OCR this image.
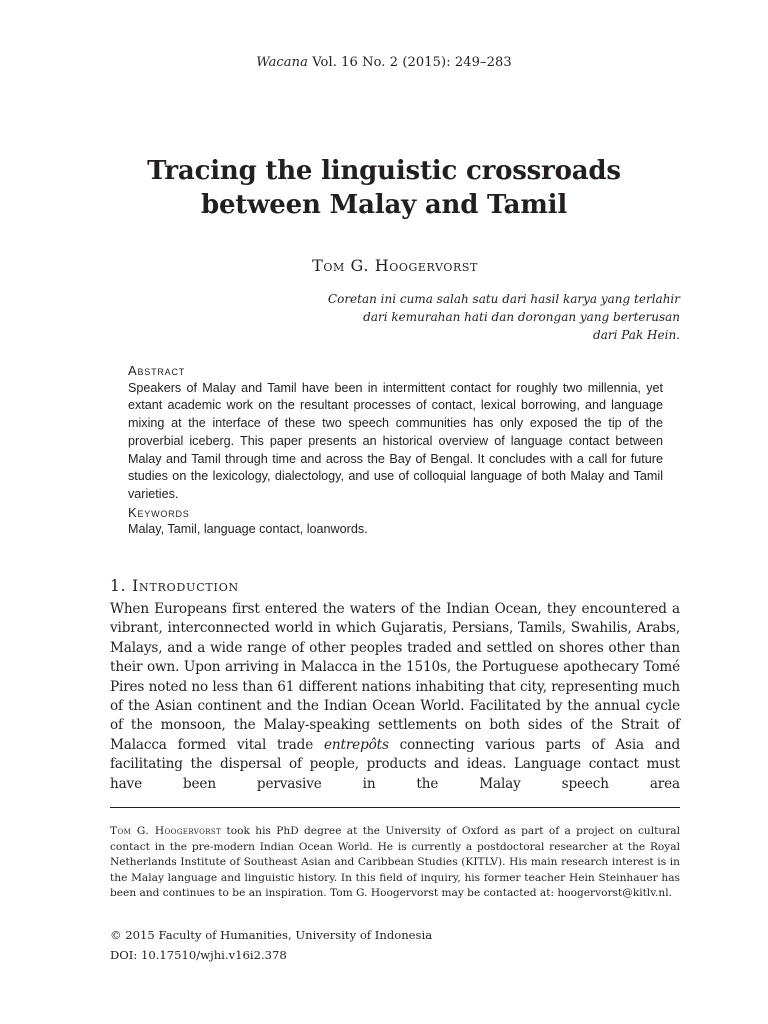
Wacana Vol. 16 No. 2 (2015): 249–283
Tracing the linguistic crossroads
between Malay and Tamil
Tom G. Hoogervorst
Coretan ini cuma salah satu dari hasil karya yang terlahir
dari kemurahan hati dan dorongan yang berterusan
dari Pak Hein.
Abstract

Speakers of Malay and Tamil have been in intermittent contact for roughly two millennia, yet extant academic work on the resultant processes of contact, lexical borrowing, and language mixing at the interface of these two speech communities has only exposed the tip of the proverbial iceberg. This paper presents an historical overview of language contact between Malay and Tamil through time and across the Bay of Bengal. It concludes with a call for future studies on the lexicology, dialectology, and use of colloquial language of both Malay and Tamil varieties.

Keywords
Malay, Tamil, language contact, loanwords.
1. Introduction
When Europeans first entered the waters of the Indian Ocean, they encountered a vibrant, interconnected world in which Gujaratis, Persians, Tamils, Swahilis, Arabs, Malays, and a wide range of other peoples traded and settled on shores other than their own. Upon arriving in Malacca in the 1510s, the Portuguese apothecary Tomé Pires noted no less than 61 different nations inhabiting that city, representing much of the Asian continent and the Indian Ocean World. Facilitated by the annual cycle of the monsoon, the Malay-speaking settlements on both sides of the Strait of Malacca formed vital trade entrepôts connecting various parts of Asia and facilitating the dispersal of people, products and ideas. Language contact must have been pervasive in the Malay speech area
Tom G. Hoogervorst took his PhD degree at the University of Oxford as part of a project on cultural contact in the pre-modern Indian Ocean World. He is currently a postdoctoral researcher at the Royal Netherlands Institute of Southeast Asian and Caribbean Studies (KITLV). His main research interest is in the Malay language and linguistic history. In this field of inquiry, his former teacher Hein Steinhauer has been and continues to be an inspiration. Tom G. Hoogervorst may be contacted at: hoogervorst@kitlv.nl.
© 2015 Faculty of Humanities, University of Indonesia
DOI: 10.17510/wjhi.v16i2.378
